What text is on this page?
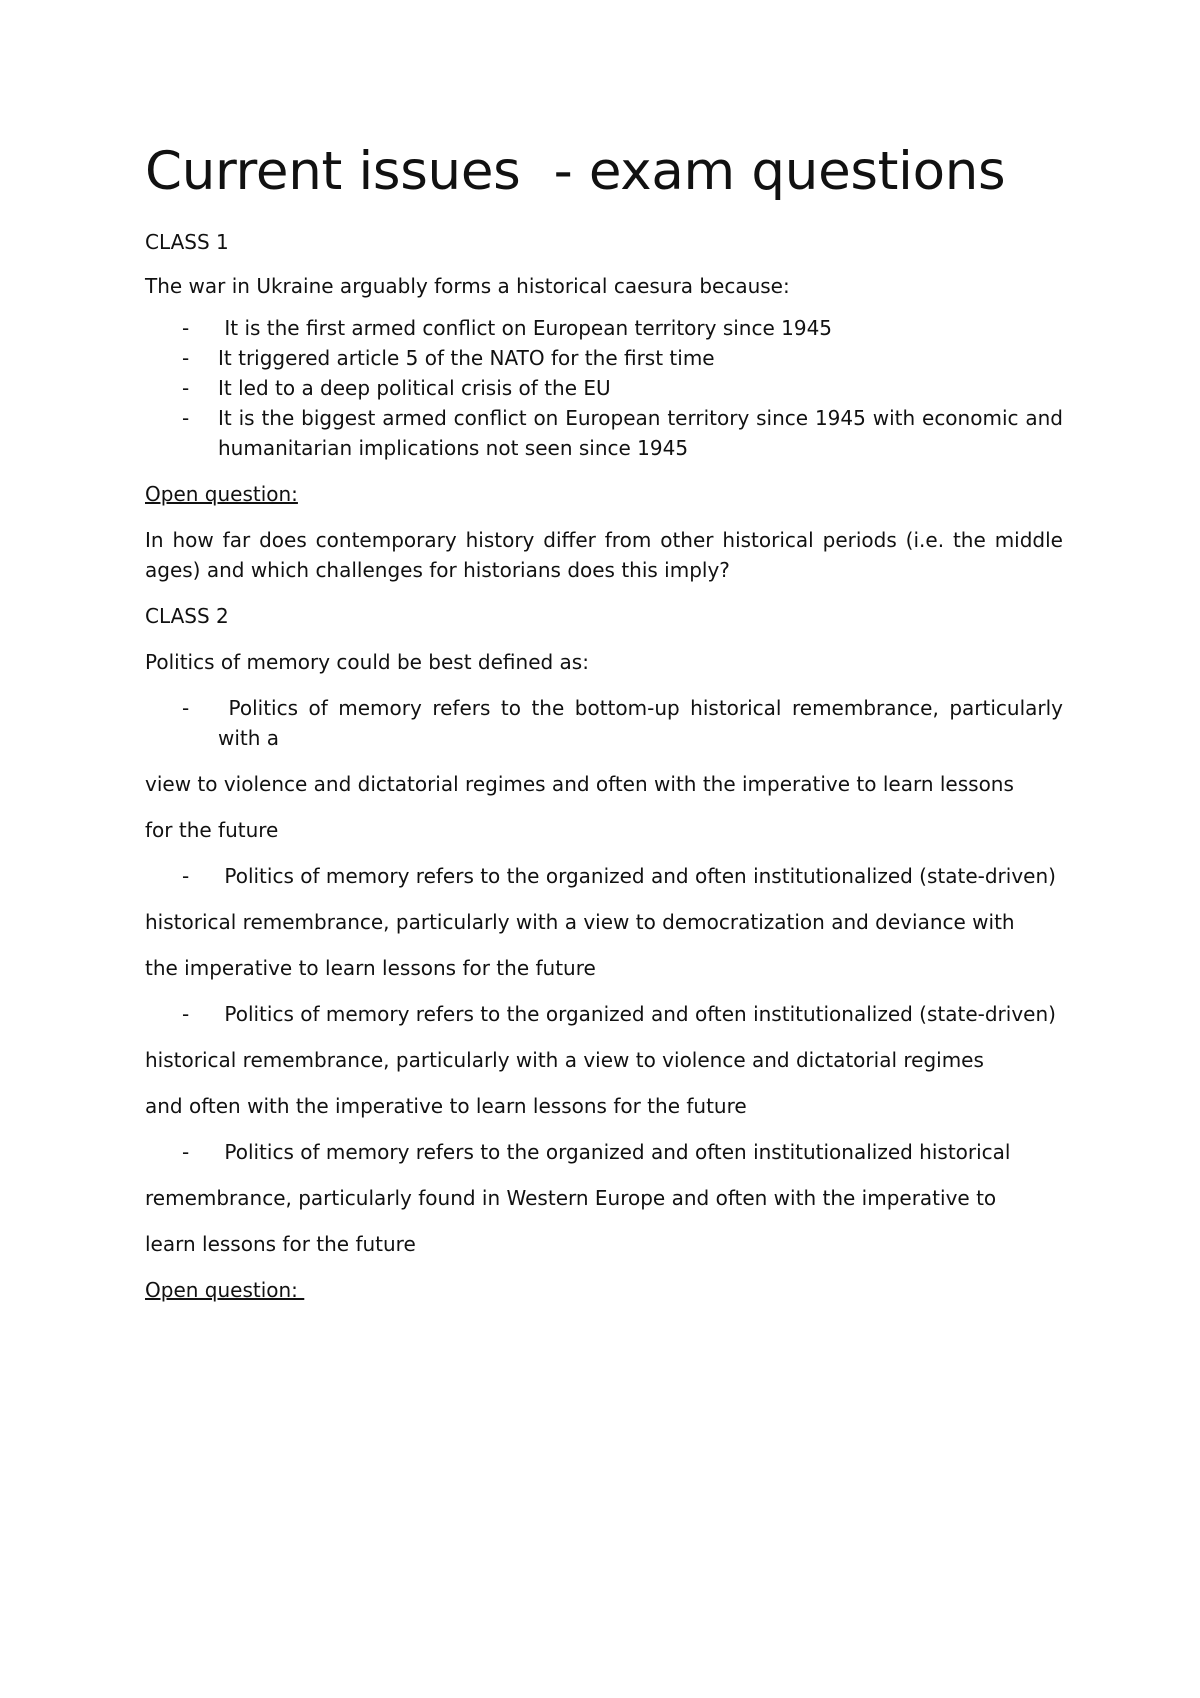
Current issues  - exam questions

CLASS 1

The war in Ukraine arguably forms a historical caesura because:

- It is the first armed conflict on European territory since 1945
- It triggered article 5 of the NATO for the first time
- It led to a deep political crisis of the EU
- It is the biggest armed conflict on European territory since 1945 with economic and humanitarian implications not seen since 1945

Open question:

In how far does contemporary history differ from other historical periods (i.e. the middle ages) and which challenges for historians does this imply?

CLASS 2

Politics of memory could be best defined as:

- Politics of memory refers to the bottom-up historical remembrance, particularly with a

view to violence and dictatorial regimes and often with the imperative to learn lessons

for the future

- Politics of memory refers to the organized and often institutionalized (state-driven)

historical remembrance, particularly with a view to democratization and deviance with

the imperative to learn lessons for the future

- Politics of memory refers to the organized and often institutionalized (state-driven)

historical remembrance, particularly with a view to violence and dictatorial regimes

and often with the imperative to learn lessons for the future

- Politics of memory refers to the organized and often institutionalized historical

remembrance, particularly found in Western Europe and often with the imperative to

learn lessons for the future

Open question:
